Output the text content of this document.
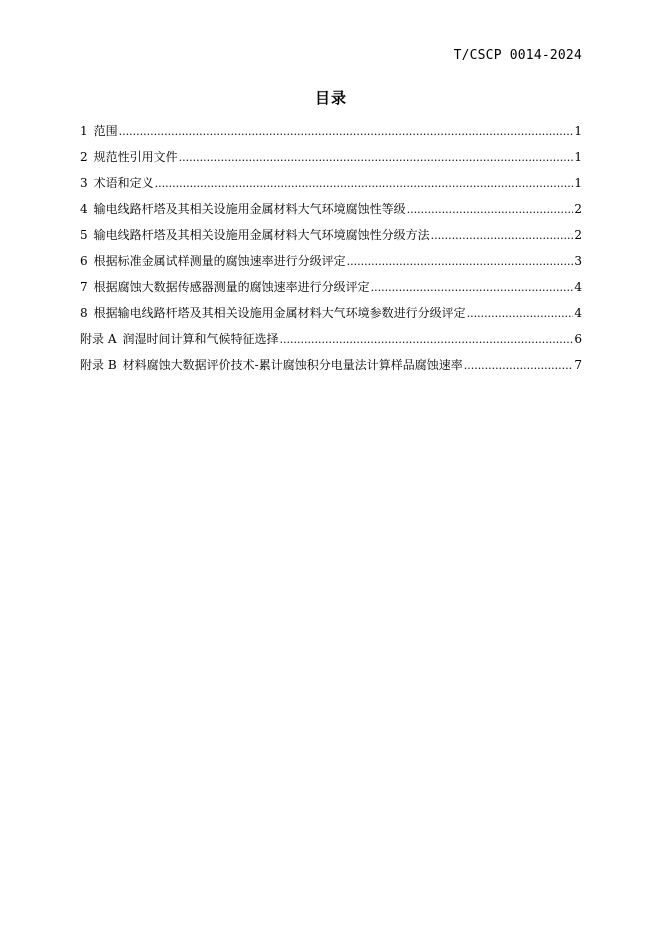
T/CSCP 0014-2024
目录
1 范围 .....	1
2 规范性引用文件 .....	1
3 术语和定义 .....	1
4 输电线路杆塔及其相关设施用金属材料大气环境腐蚀性等级 .....	2
5 输电线路杆塔及其相关设施用金属材料大气环境腐蚀性分级方法 .....	2
6 根据标准金属试样测量的腐蚀速率进行分级评定 .....	3
7 根据腐蚀大数据传感器测量的腐蚀速率进行分级评定 .....	4
8 根据输电线路杆塔及其相关设施用金属材料大气环境参数进行分级评定 .....	4
附录 A 润湿时间计算和气候特征选择 .....	6
附录 B 材料腐蚀大数据评价技术-累计腐蚀积分电量法计算样品腐蚀速率 .....	7
